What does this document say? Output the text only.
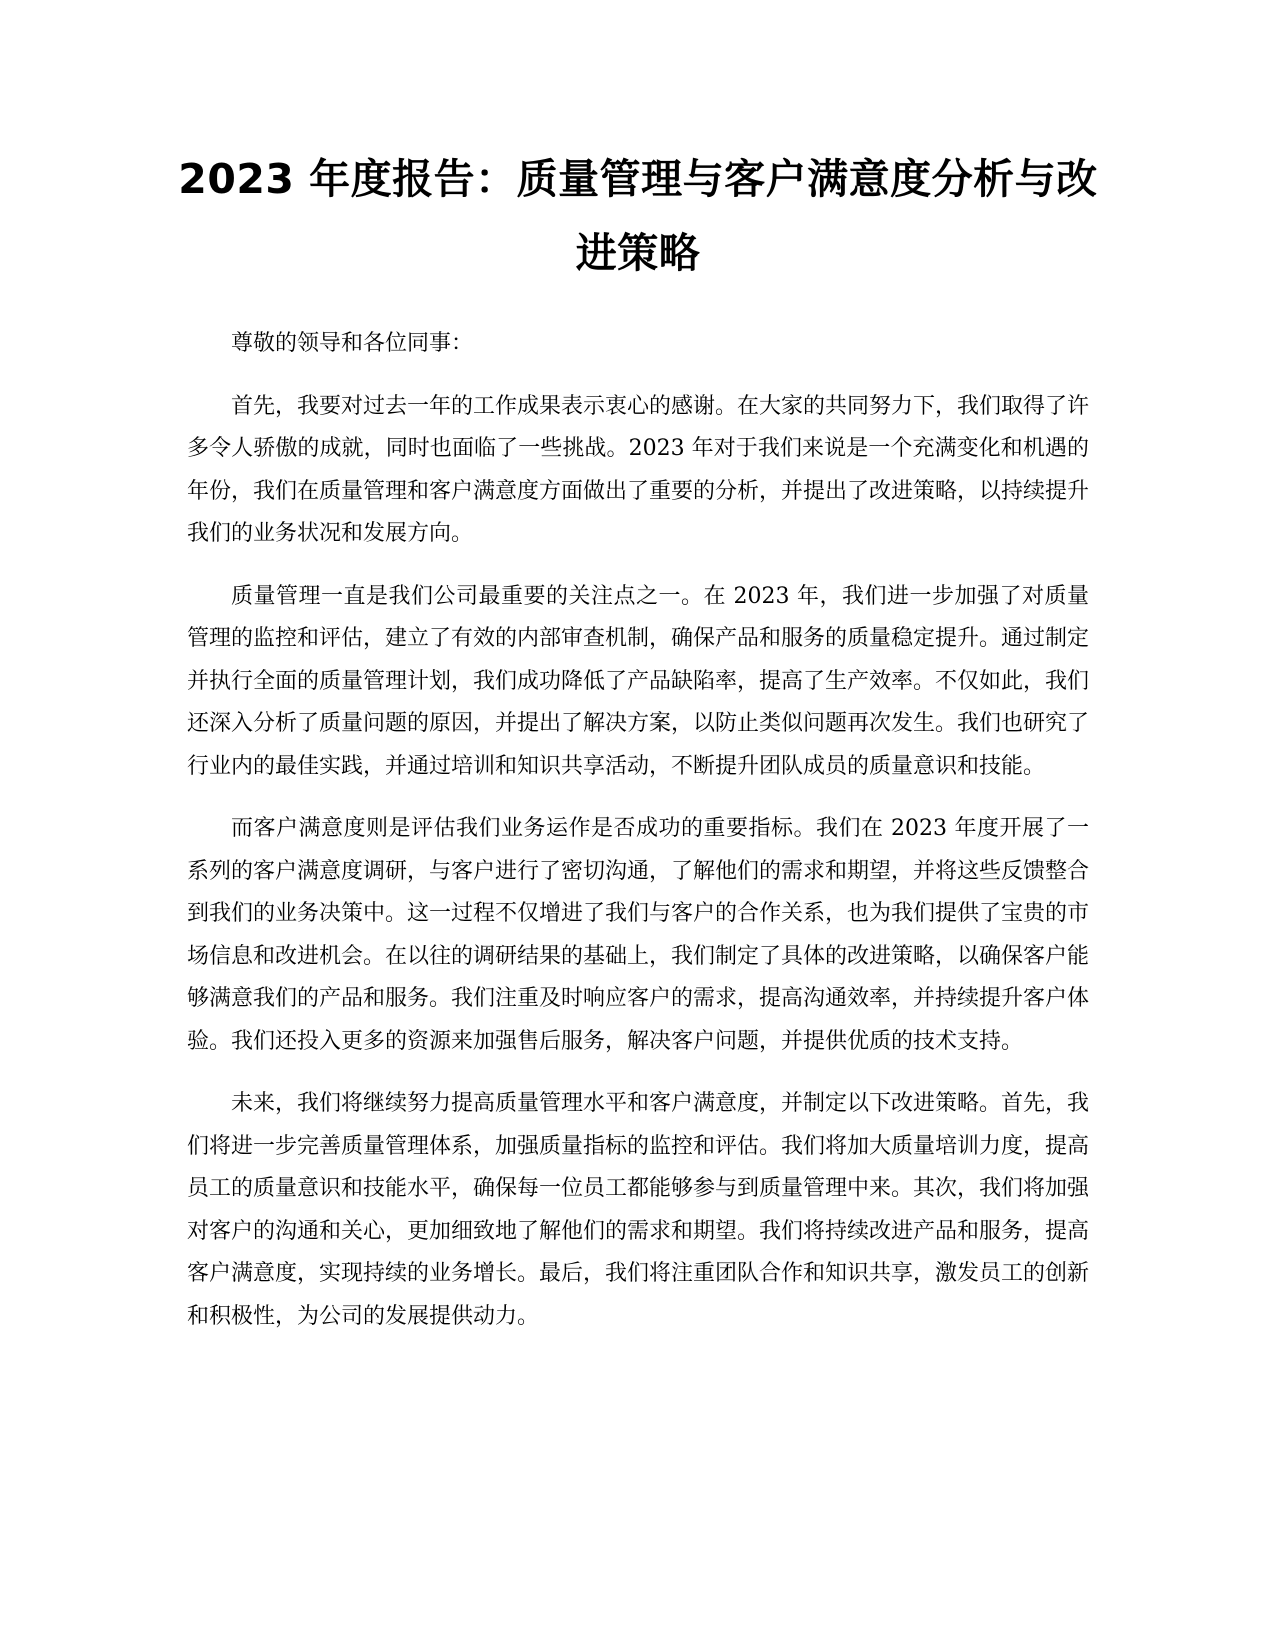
2023 年度报告：质量管理与客户满意度分析与改进策略

尊敬的领导和各位同事：

首先，我要对过去一年的工作成果表示衷心的感谢。在大家的共同努力下，我们取得了许多令人骄傲的成就，同时也面临了一些挑战。2023 年对于我们来说是一个充满变化和机遇的年份，我们在质量管理和客户满意度方面做出了重要的分析，并提出了改进策略，以持续提升我们的业务状况和发展方向。

质量管理一直是我们公司最重要的关注点之一。在 2023 年，我们进一步加强了对质量管理的监控和评估，建立了有效的内部审查机制，确保产品和服务的质量稳定提升。通过制定并执行全面的质量管理计划，我们成功降低了产品缺陷率，提高了生产效率。不仅如此，我们还深入分析了质量问题的原因，并提出了解决方案，以防止类似问题再次发生。我们也研究了行业内的最佳实践，并通过培训和知识共享活动，不断提升团队成员的质量意识和技能。

而客户满意度则是评估我们业务运作是否成功的重要指标。我们在 2023 年度开展了一系列的客户满意度调研，与客户进行了密切沟通，了解他们的需求和期望，并将这些反馈整合到我们的业务决策中。这一过程不仅增进了我们与客户的合作关系，也为我们提供了宝贵的市场信息和改进机会。在以往的调研结果的基础上，我们制定了具体的改进策略，以确保客户能够满意我们的产品和服务。我们注重及时响应客户的需求，提高沟通效率，并持续提升客户体验。我们还投入更多的资源来加强售后服务，解决客户问题，并提供优质的技术支持。

未来，我们将继续努力提高质量管理水平和客户满意度，并制定以下改进策略。首先，我们将进一步完善质量管理体系，加强质量指标的监控和评估。我们将加大质量培训力度，提高员工的质量意识和技能水平，确保每一位员工都能够参与到质量管理中来。其次，我们将加强对客户的沟通和关心，更加细致地了解他们的需求和期望。我们将持续改进产品和服务，提高客户满意度，实现持续的业务增长。最后，我们将注重团队合作和知识共享，激发员工的创新和积极性，为公司的发展提供动力。
